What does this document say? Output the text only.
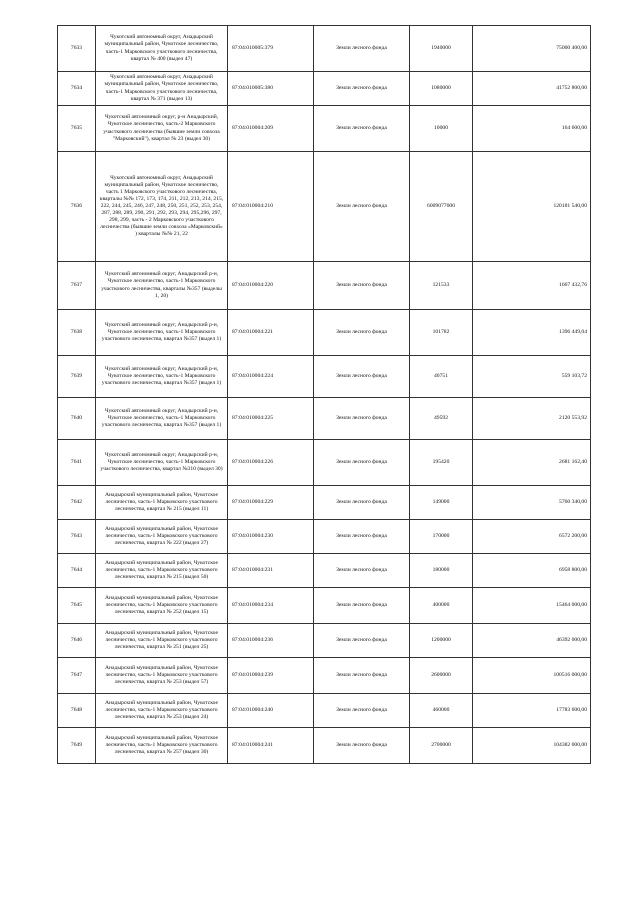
7633	Чукотский автономный округ, Анадырский муниципальный район, Чукотское лесничество, часть-1 Марковского участкового лесничества, квартал № 400 (выдел 47)	87:04:010005:379	Земли лесного фонда	1940000	75000 400,00
7634	Чукотский автономный округ, Анадырский муниципальный район, Чукотское лесничество, часть-1 Марковского участкового лесничества, квартал № 371 (выдел 13)	87:04:010005:380	Земли лесного фонда	1080000	41752 800,00
7635	Чукотский автономный округ, р-н Анадырский, Чукотское лесничество, часть-2 Марковского участкового лесничества (бывшие земли совхоза "Марковский"), квартал № 23 (выдел 30)	87:04:010004:209	Земли лесного фонда	10000	164 600,00
7636	Чукотский автономный округ, Анадырский муниципальный район, Чукотское лесничество, часть 1 Марковского участкового лесничества, кварталы №№ 172, 173, 174, 211, 212, 213, 214, 215, 222, 244, 245, 246, 247, 248, 250, 251, 252, 253, 254, 287, 288, 289, 290, 291, 292, 293, 294, 295,296, 297, 298, 299, часть - 2 Марковского участкового лесничества (бывшие земли совхоза «Марковский» ) кварталы №№ 21, 22	87:04:010004:210	Земли лесного фонда	6009077000	120181 540,00
7637	Чукотский автономный округ, Анадырский р-н, Чукотское лесничество, часть-1 Марковского участкового лесничества, кварталы №357 (выделы 1, 20)	87:04:010004:220	Земли лесного фонда	121533	1667 432,76
7638	Чукотский автономный округ, Анадырский р-н, Чукотское лесничество, часть-1 Марковского участкового лесничества, квартал №357 (выдел 1)	87:04:010004:221	Земли лесного фонда	101782	1396 449,04
7639	Чукотский автономный округ, Анадырский р-н, Чукотское лесничество, часть-1 Марковского участкового лесничества, квартал №357 (выдел 1)	87:04:010004:224	Земли лесного фонда	40751	559 103,72
7640	Чукотский автономный округ, Анадырский р-н, Чукотское лесничество, часть-1 Марковского участкового лесничества, квартал №357 (выдел 1)	87:04:010004:225	Земли лесного фонда	49592	2120 553,92
7641	Чукотский автономный округ, Анадырский р-н, Чукотское лесничество, часть-1 Марковского участкового лесничества, квартал №310 (выдел 30)	87:04:010004:226	Земли лесного фонда	195420	2681 162,40
7642	Анадырский муниципальный район, Чукотское лесничество, часть-1 Марковского участкового лесничества, квартал № 215 (выдел 11)	87:04:010004:229	Земли лесного фонда	149000	5760 340,00
7643	Анадырский муниципальный район, Чукотское лесничество, часть-1 Марковского участкового лесничества, квартал № 222 (выдел 27)	87:04:010004:230	Земли лесного фонда	170000	6572 200,00
7644	Анадырский муниципальный район, Чукотское лесничество, часть-1 Марковского участкового лесничества, квартал № 215 (выдел 50)	87:04:010004:231	Земли лесного фонда	180000	6958 800,00
7645	Анадырский муниципальный район, Чукотское лесничество, часть-1 Марковского участкового лесничества, квартал № 252 (выдел 15)	87:04:010004:234	Земли лесного фонда	400000	15464 000,00
7646	Анадырский муниципальный район, Чукотское лесничество, часть-1 Марковского участкового лесничества, квартал № 251 (выдел 25)	87:04:010004:236	Земли лесного фонда	1200000	46392 000,00
7647	Анадырский муниципальный район, Чукотское лесничество, часть-1 Марковского участкового лесничества, квартал № 253 (выдел 57)	87:04:010004:239	Земли лесного фонда	2600000	100516 000,00
7648	Анадырский муниципальный район, Чукотское лесничество, часть-1 Марковского участкового лесничества, квартал № 253 (выдел 24)	87:04:010004:240	Земли лесного фонда	460000	17783 600,00
7649	Анадырский муниципальный район, Чукотское лесничество, часть-1 Марковского участкового лесничества, квартал № 257 (выдел 30)	87:04:010004:241	Земли лесного фонда	2700000	104382 000,00
